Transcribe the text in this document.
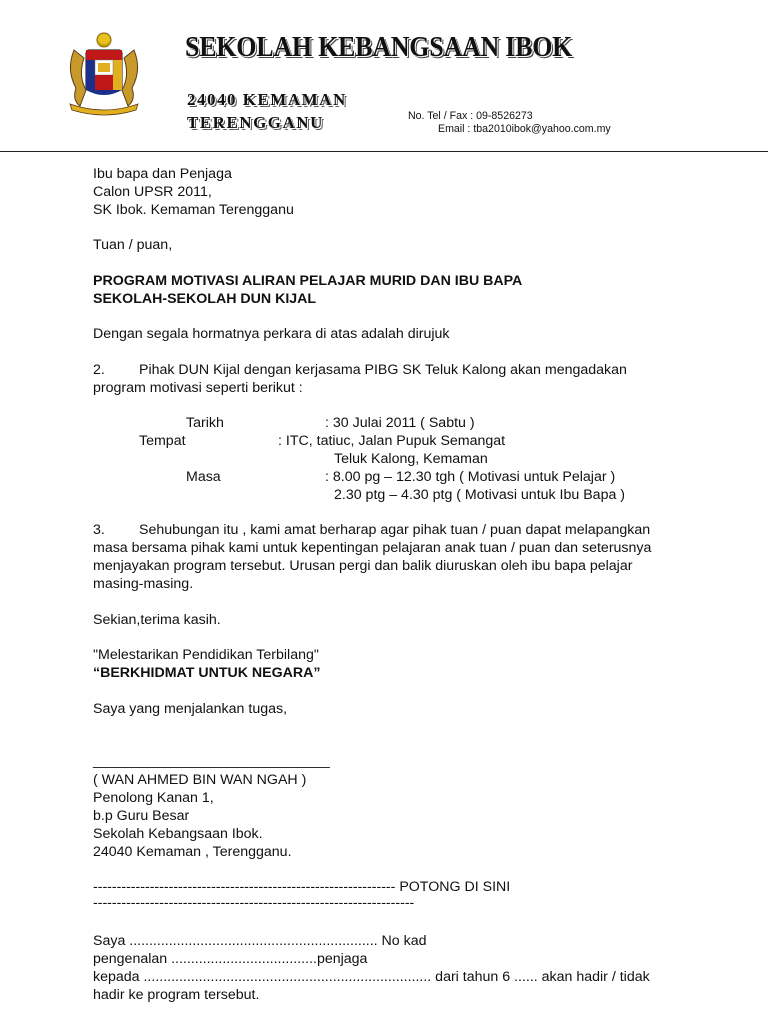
SEKOLAH KEBANGSAAN IBOK
24040 KEMAMAN
TERENGGANU	No. Tel / Fax : 09-8526273
Email : tba2010ibok@yahoo.com.my
Ibu bapa dan Penjaga
Calon UPSR 2011,
SK Ibok. Kemaman Terengganu
Tuan / puan,
PROGRAM MOTIVASI ALIRAN PELAJAR MURID DAN IBU BAPA
SEKOLAH-SEKOLAH DUN KIJAL
Dengan segala hormatnya perkara di atas adalah dirujuk
2. Pihak DUN Kijal dengan kerjasama PIBG SK Teluk Kalong akan mengadakan
program motivasi seperti berikut :
Tarikh	: 30 Julai 2011 ( Sabtu )
Tempat	: ITC, tatiuc, Jalan Pupuk Semangat
Teluk Kalong, Kemaman
Masa	: 8.00 pg – 12.30 tgh ( Motivasi untuk Pelajar )
2.30 ptg – 4.30 ptg ( Motivasi untuk Ibu Bapa )
3. Sehubungan itu , kami amat berharap agar pihak tuan / puan dapat melapangkan
masa bersama pihak kami untuk kepentingan pelajaran anak tuan / puan dan seterusnya
menjayakan program tersebut. Urusan pergi dan balik diuruskan oleh ibu bapa pelajar
masing-masing.
Sekian,terima kasih.
"Melestarikan Pendidikan Terbilang"
“BERKHIDMAT UNTUK NEGARA”
Saya yang menjalankan tugas,
______________________________
( WAN AHMED BIN WAN NGAH )
Penolong Kanan 1,
b.p Guru Besar
Sekolah Kebangsaan Ibok.
24040 Kemaman , Terengganu.
---------------------------------------------------------------- POTONG DI SINI
--------------------------------------------------------------------
Saya ............................................................... No kad
pengenalan .....................................penjaga
kepada ......................................................................... dari tahun 6 ...... akan hadir / tidak
hadir ke program tersebut.
